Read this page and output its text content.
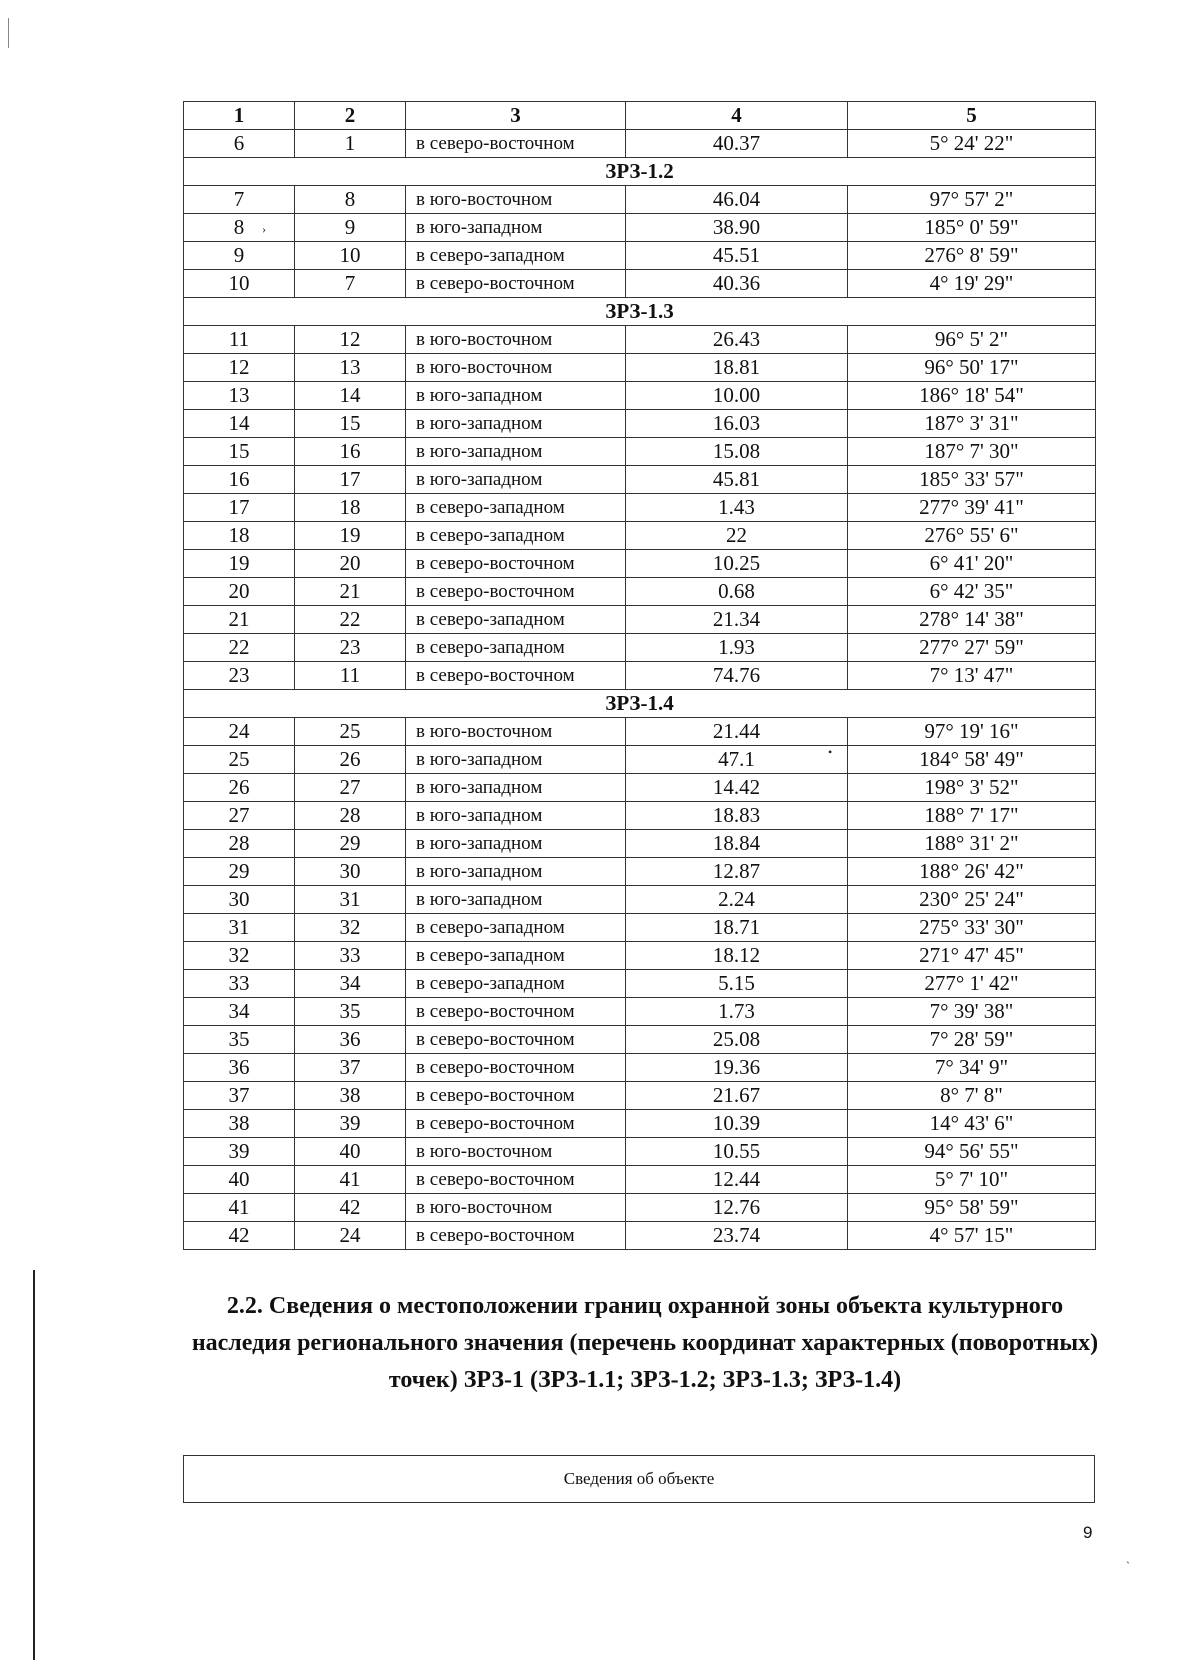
1	2	3	4	5
6	1	в северо-восточном	40.37	5° 24' 22"
ЗРЗ-1.2				
7	8	в юго-восточном	46.04	97° 57' 2"
8	9	в юго-западном	38.90	185° 0' 59"
9	10	в северо-западном	45.51	276° 8' 59"
10	7	в северо-восточном	40.36	4° 19' 29"
ЗРЗ-1.3				
11	12	в юго-восточном	26.43	96° 5' 2"
12	13	в юго-восточном	18.81	96° 50' 17"
13	14	в юго-западном	10.00	186° 18' 54"
14	15	в юго-западном	16.03	187° 3' 31"
15	16	в юго-западном	15.08	187° 7' 30"
16	17	в юго-западном	45.81	185° 33' 57"
17	18	в северо-западном	1.43	277° 39' 41"
18	19	в северо-западном	22	276° 55' 6"
19	20	в северо-восточном	10.25	6° 41' 20"
20	21	в северо-восточном	0.68	6° 42' 35"
21	22	в северо-западном	21.34	278° 14' 38"
22	23	в северо-западном	1.93	277° 27' 59"
23	11	в северо-восточном	74.76	7° 13' 47"
ЗРЗ-1.4				
24	25	в юго-восточном	21.44	97° 19' 16"
25	26	в юго-западном	47.1	184° 58' 49"
26	27	в юго-западном	14.42	198° 3' 52"
27	28	в юго-западном	18.83	188° 7' 17"
28	29	в юго-западном	18.84	188° 31' 2"
29	30	в юго-западном	12.87	188° 26' 42"
30	31	в юго-западном	2.24	230° 25' 24"
31	32	в северо-западном	18.71	275° 33' 30"
32	33	в северо-западном	18.12	271° 47' 45"
33	34	в северо-западном	5.15	277° 1' 42"
34	35	в северо-восточном	1.73	7° 39' 38"
35	36	в северо-восточном	25.08	7° 28' 59"
36	37	в северо-восточном	19.36	7° 34' 9"
37	38	в северо-восточном	21.67	8° 7' 8"
38	39	в северо-восточном	10.39	14° 43' 6"
39	40	в юго-восточном	10.55	94° 56' 55"
40	41	в северо-восточном	12.44	5° 7' 10"
41	42	в юго-восточном	12.76	95° 58' 59"
42	24	в северо-восточном	23.74	4° 57' 15"
2.2. Сведения о местоположении границ охранной зоны объекта культурного наследия регионального значения (перечень координат характерных (поворотных) точек) ЗРЗ-1 (ЗРЗ-1.1; ЗРЗ-1.2; ЗРЗ-1.3; ЗРЗ-1.4)
Сведения об объекте
9
›
•
ˏ
